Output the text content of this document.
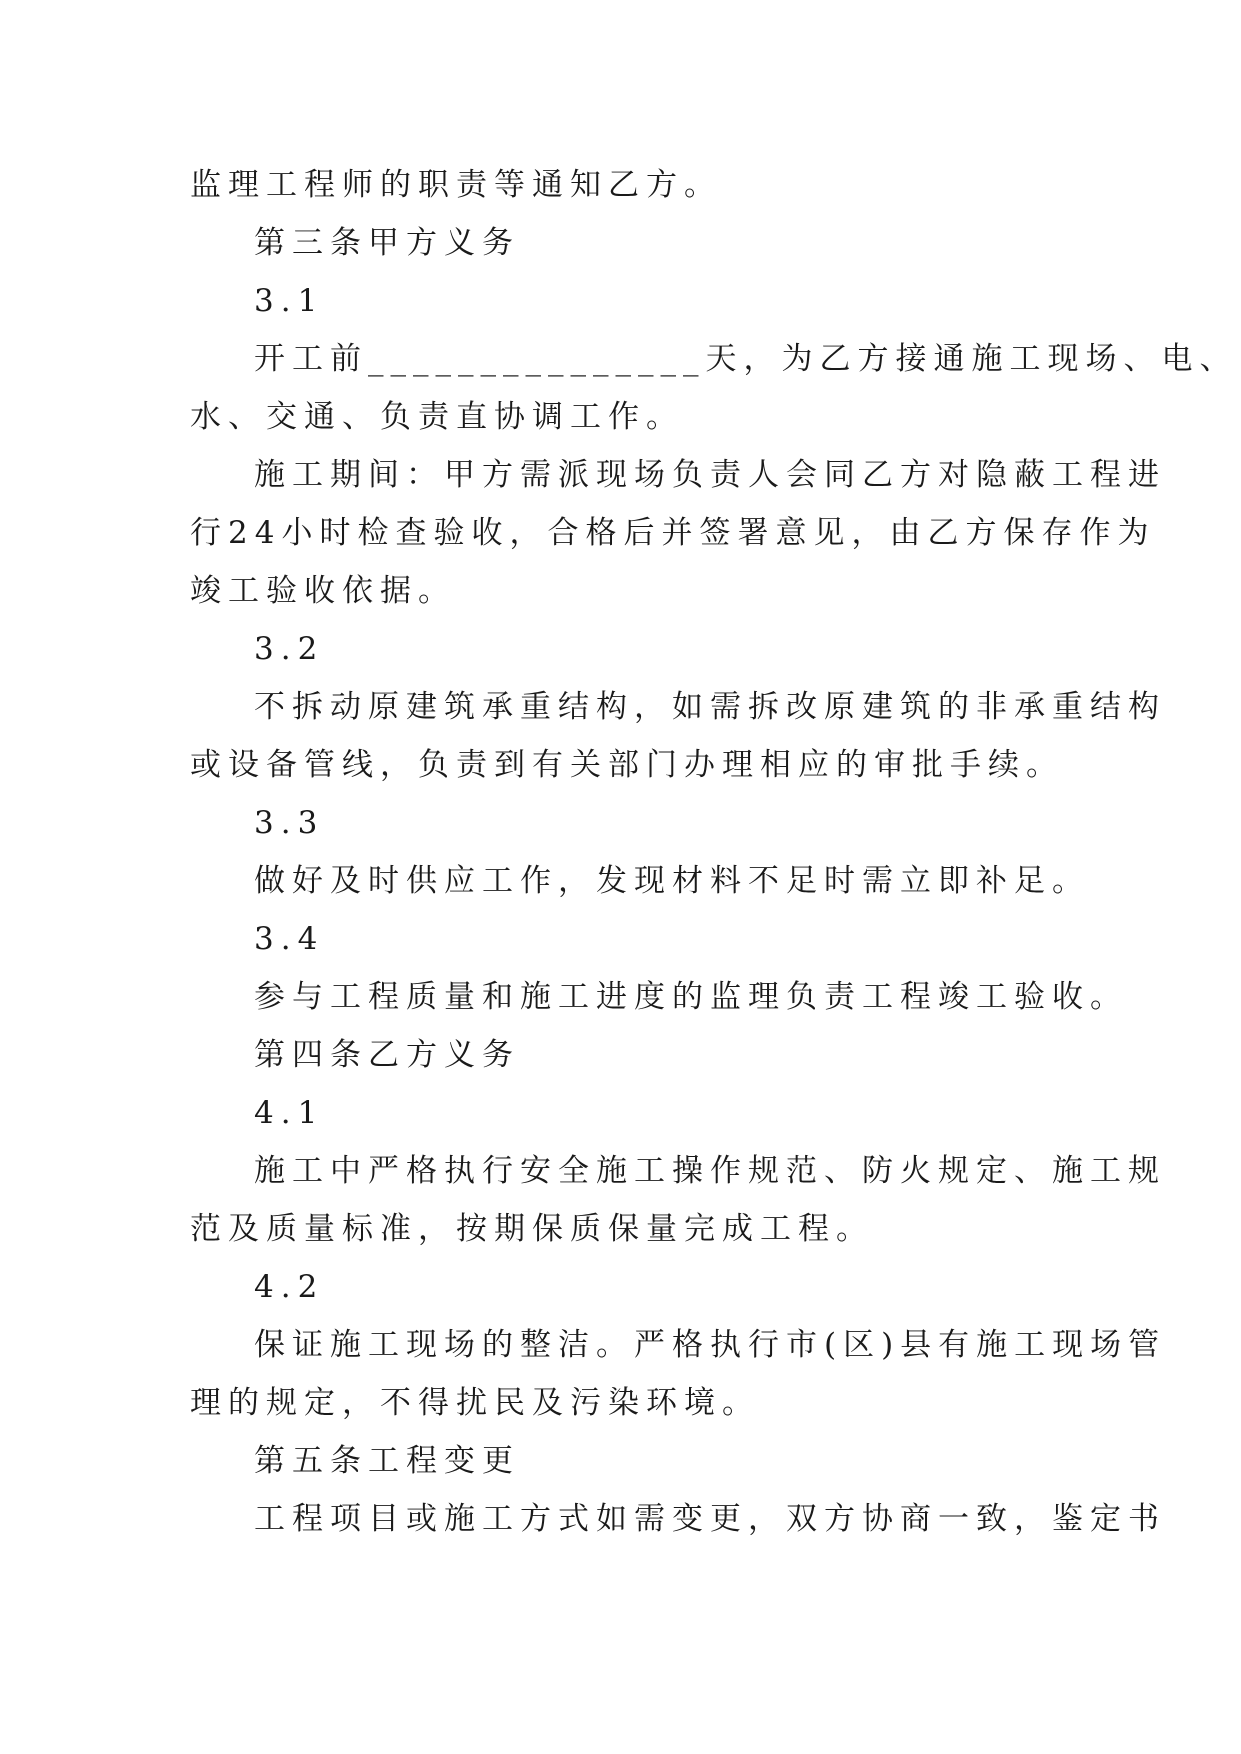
监理工程师的职责等通知乙方。

第三条甲方义务

3.1

开工前_______________天，为乙方接通施工现场、电、

水、交通、负责直协调工作。

施工期间：甲方需派现场负责人会同乙方对隐蔽工程进

行24小时检查验收，合格后并签署意见，由乙方保存作为

竣工验收依据。

3.2

不拆动原建筑承重结构，如需拆改原建筑的非承重结构

或设备管线，负责到有关部门办理相应的审批手续。

3.3

做好及时供应工作，发现材料不足时需立即补足。

3.4

参与工程质量和施工进度的监理负责工程竣工验收。

第四条乙方义务

4.1

施工中严格执行安全施工操作规范、防火规定、施工规

范及质量标准，按期保质保量完成工程。

4.2

保证施工现场的整洁。严格执行市(区)县有施工现场管

理的规定，不得扰民及污染环境。

第五条工程变更

工程项目或施工方式如需变更，双方协商一致，鉴定书
